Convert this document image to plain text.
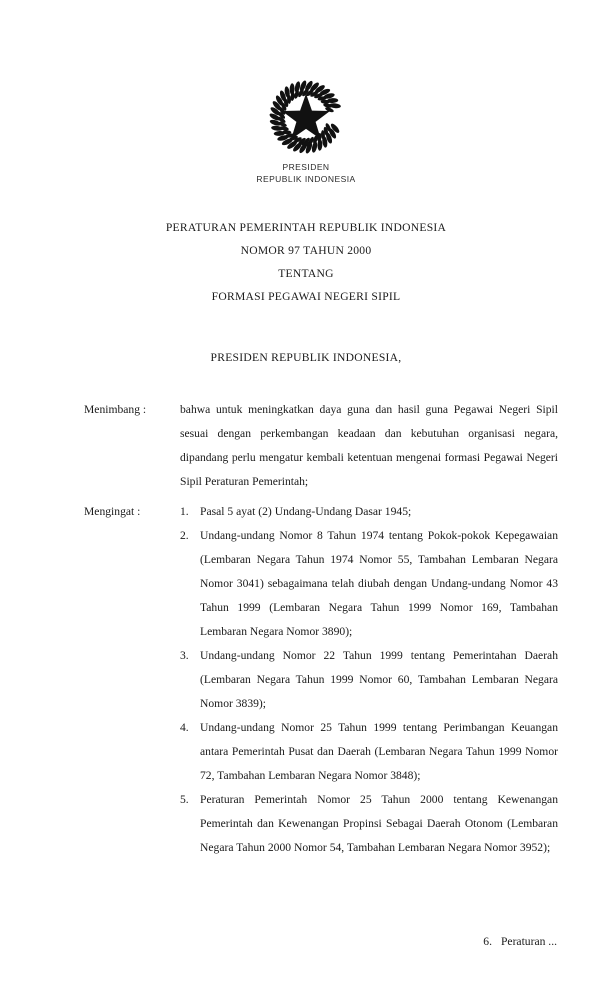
PRESIDEN
REPUBLIK INDONESIA
PERATURAN PEMERINTAH REPUBLIK INDONESIA
NOMOR 97 TAHUN 2000
TENTANG
FORMASI PEGAWAI NEGERI SIPIL
PRESIDEN REPUBLIK INDONESIA,
Menimbang :	bahwa untuk meningkatkan daya guna dan hasil guna Pegawai Negeri Sipil sesuai dengan perkembangan keadaan dan kebutuhan organisasi negara, dipandang perlu mengatur kembali ketentuan mengenai formasi Pegawai Negeri Sipil Peraturan Pemerintah;

Mengingat :	1. Pasal 5 ayat (2) Undang-Undang Dasar 1945;
2. Undang-undang Nomor 8 Tahun 1974 tentang Pokok-pokok Kepegawaian (Lembaran Negara Tahun 1974 Nomor 55, Tambahan Lembaran Negara Nomor 3041) sebagaimana telah diubah dengan Undang-undang Nomor 43 Tahun 1999 (Lembaran Negara Tahun 1999 Nomor 169, Tambahan Lembaran Negara Nomor 3890);
3. Undang-undang Nomor 22 Tahun 1999 tentang Pemerintahan Daerah (Lembaran Negara Tahun 1999 Nomor 60, Tambahan Lembaran Negara Nomor 3839);
4. Undang-undang Nomor 25 Tahun 1999 tentang Perimbangan Keuangan antara Pemerintah Pusat dan Daerah (Lembaran Negara Tahun 1999 Nomor 72, Tambahan Lembaran Negara Nomor 3848);
5. Peraturan Pemerintah Nomor 25 Tahun 2000 tentang Kewenangan Pemerintah dan Kewenangan Propinsi Sebagai Daerah Otonom (Lembaran Negara Tahun 2000 Nomor 54, Tambahan Lembaran Negara Nomor 3952);
6. Peraturan ...
